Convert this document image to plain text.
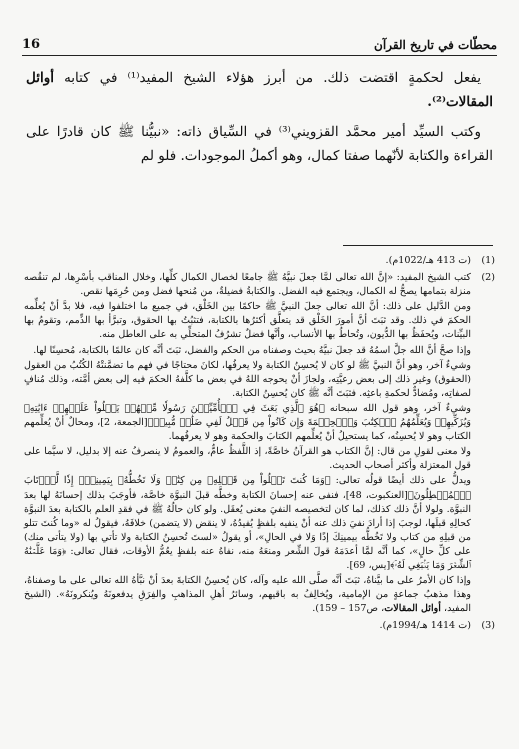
محطّات في تاريخ القرآن
16

يفعل لحكمةٍ اقتضت ذلك. من أبرز هؤلاء الشيخ المفيد⁽¹⁾ في كتابه أوائل المقالات⁽²⁾.

وكتب السيِّد أمير محمَّد القزويني⁽³⁾ في السِّياق ذاته: «نبيُّنا ﷺ كان قادرًا على القراءة والكتابة لأنّهما صفتا كمال، وهو أكملُ الموجودات. فلو لم

(1)

(ت 413 هـ/1022م).

(2)

كتب الشيخ المفيد: «إنَّ الله تعالى لمَّا جعلَ نبيَّهُ ﷺ جامعًا لخصال الكمال كلِّها، وخلال المناقب بأسْرِها، لم تنقُصه منزلة بتمامها يصحُّ له الكمال، ويجتمع فيه الفضل. والكتابةُ فضيلةٌ، من مُنحها فضل ومن حُرِمَها نقص.

ومن الدَّليل على ذلك: أنَّ الله تعالى جعلَ النبيَّ ﷺ حاكمًا بين الخَلْق، في جميع ما اختلفوا فيه، فلا بدَّ أنْ يُعلِّمه الحكمَ في ذلك. وقد ثبَتَ أنَّ أمورَ الخَلْق قد يتعلَّق أكثرُها بالكتابة، فتثبُتُ بها الحقوق، وتبرَّأ بها الذِّمم، وتقومُ بها البيِّنات، ويُحفَظُ بها الدُّيون، وتُحاطُ بها الأنساب، وأنَّها فضلٌ تشرُفُ المتحلِّي به على العاطل منه.

وإذا صحَّ أنَّ الله جلَّ اسمُهُ قد جعلَ نبيَّهُ بحيث وصفناه من الحكم والفضل، ثبَتَ أنَّه كان عالمًا بالكتابة، مُحسِنًا لها.

وشيءٌ آخر، وهو أنَّ النبيَّ ﷺ لو كان لا يُحسِنُ الكتابة ولا يعرفُها، لكانَ محتاجًا في فهم ما تضمَّنتْهُ الكُتُبُ من العقول (الحقوق) وغير ذلك إلى بعض رعيَّتِه، ولجازَ أنْ يحوجه اللهُ في بعض ما كلَّفهُ الحكمَ فيه إلى بعض أمَّته، وذلك مُنافٍ لصفاتِه، ومُضادٌّ لحكمةِ باعثِه. فثبَتَ أنَّه ﷺ كان يُحسِنُ الكتابة.

وشيءٌ آخر، وهو قول الله سبحانه ﴿هُوَ ٱلَّذِي بَعَثَ فِي ٱلۡأُمِّيِّـۧنَ رَسُولٗا مِّنۡهُمۡ يَتۡلُواْ عَلَيۡهِمۡ ءَايَٰتِهِۦ وَيُزَكِّيهِمۡ وَيُعَلِّمُهُمُ ٱلۡكِتَٰبَ وَٱلۡحِكۡمَةَ وَإِن كَانُواْ مِن قَبۡلُ لَفِي ضَلَٰلٖ مُّبِينٖ﴾[الجمعة، 2]، ومحالٌ أنْ يُعلِّمهم الكتاب وهو لا يُحسِنُه، كما يستحيلُ أنْ يُعلِّمهم الكتابَ والحكمة وهو لا يعرفُهما.

ولا معنى لقولِ من قال: إنَّ الكتاب هو القرآنُ خاصَّةً، إذ اللَّفظُ عامٌّ، والعمومُ لا ينصرفُ عنه إلا بدليل، لا سيَّما على قول المعتزلة وأكثر أصحاب الحديث.

ويدلُّ على ذلك أيضًا قولُه تعالى: ﴿وَمَا كُنتَ تَتۡلُواْ مِن قَبۡلِهِۦ مِن كِتَٰبٖ وَلَا تَخُطُّهُۥ بِيَمِينِكَۖ إِذٗا لَّٱرۡتَابَ ٱلۡمُبۡطِلُونَ﴾[العنكبوت، 48]، فنفى عنه إحسانَ الكتابة وخطَّه قبلَ النبوَّة خاصَّة، فأوجَبَ بذلك إحسانَهُ لها بعدَ النبوَّة. ولولا أنَّ ذلك كذلك، لما كان لتخصيصه النفيَ معنى يُعقَل. ولو كان حالُهُ ﷺ في فقدِ العلم بالكتابة بعدَ النبوَّة كحالِهِ قبلَها، لوجبَ إذا أرادَ نفيَ ذلك عنه أنْ ينفيه بلفظٍ يُفيدُهُ، لا ينقض (لا يتضمن) خلافَهُ، فيقولُ له «وما كُنتَ تتلو من قبلِهِ من كتاب ولا تَخُطُّه بيمينِكَ إذًا وَلا في الحالِ»، أو يقولُ «لستَ تُحسِنُ الكتابة ولا تأتي بها (ولا يتأتى منك) على كلِّ حالٍ»، كما أنَّه لمَّا أعدَمَهُ قولَ الشِّعر ومنعَهُ منه، نفاهُ عنه بلفظٍ يعُمُّ الأوقات، فقال تعالى: ﴿وَمَا عَلَّمۡنَٰهُ ٱلشِّعۡرَ وَمَا يَنۢبَغِي لَهُۥٓ﴾[يس، 69].

وإذا كان الأمرُ على ما بيَّناهُ، ثبَتَ أنَّه صلَّى الله عليه وآله، كان يُحسِنُ الكتابةَ بعدَ أنْ نبَّأهُ الله تعالى على ما وصفناهُ، وهذا مذهبُ جماعةٍ من الإمامية، ويُخالِفُ به باقيهم، وسائرُ أهلِ المذاهبِ والفِرَقِ يدفعونَهُ ويُنكرونَهُ». (الشيخ المفيد، أوائل المقالات، ص157 – 159).

(3)

(ت 1414 هـ/1994م).
